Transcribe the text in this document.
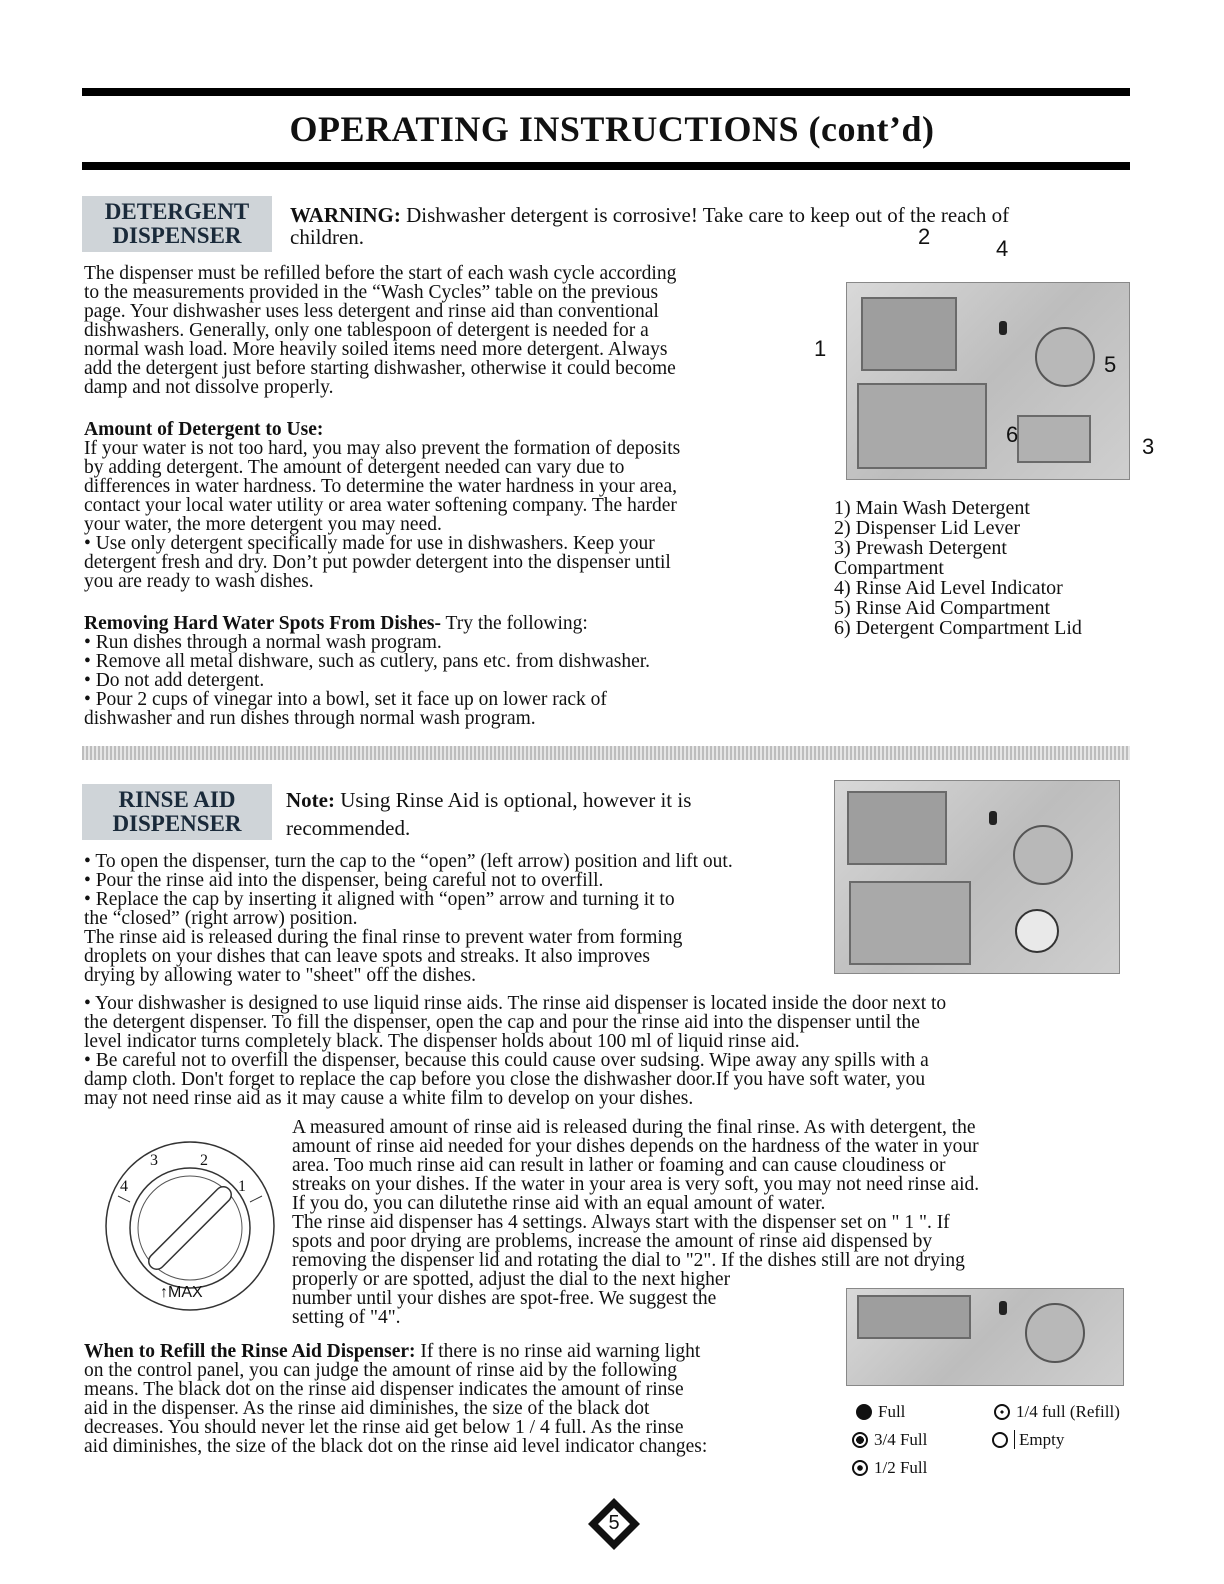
OPERATING INSTRUCTIONS (cont’d)
DETERGENT
DISPENSER
WARNING: Dishwasher detergent is corrosive! Take care to keep out of the reach of
children.
The dispenser must be refilled before the start of each wash cycle according
to the measurements provided in the “Wash Cycles” table on the previous
page. Your dishwasher uses less detergent and rinse aid than conventional
dishwashers. Generally, only one tablespoon of detergent is needed for a
normal wash load. More heavily soiled items need more detergent. Always
add the detergent just before starting dishwasher, otherwise it could become
damp and not dissolve properly.
Amount of Detergent to Use:
If your water is not too hard, you may also prevent the formation of deposits
by adding detergent. The amount of detergent needed can vary due to
differences in water hardness. To determine the water hardness in your area,
contact your local water utility or area water softening company. The harder
your water, the more detergent you may need.
• Use only detergent specifically made for use in dishwashers. Keep your
detergent fresh and dry. Don’t put powder detergent into the dispenser until
you are ready to wash dishes.
Removing Hard Water Spots From Dishes- Try the following:
• Run dishes through a normal wash program.
• Remove all metal dishware, such as cutlery, pans etc. from dishwasher.
• Do not add detergent.
• Pour 2 cups of vinegar into a bowl, set it face up on lower rack of
dishwasher and run dishes through normal wash program.
1
2	4
5
6	3
1) Main Wash Detergent
2) Dispenser Lid Lever
3) Prewash Detergent
Compartment
4) Rinse Aid Level Indicator
5) Rinse Aid Compartment
6) Detergent Compartment Lid
RINSE AID
DISPENSER
Note: Using Rinse Aid is optional, however it is
recommended.
• To open the dispenser, turn the cap to the “open” (left arrow) position and lift out.
• Pour the rinse aid into the dispenser, being careful not to overfill.
• Replace the cap by inserting it aligned with “open” arrow and turning it to
the “closed” (right arrow) position.
The rinse aid is released during the final rinse to prevent water from forming
droplets on your dishes that can leave spots and streaks. It also improves
drying by allowing water to "sheet" off the dishes.
• Your dishwasher is designed to use liquid rinse aids. The rinse aid dispenser is located inside the door next to
the detergent dispenser. To fill the dispenser, open the cap and pour the rinse aid into the dispenser until the
level indicator turns completely black. The dispenser holds about 100 ml of liquid rinse aid.
• Be careful not to overfill the dispenser, because this could cause over sudsing. Wipe away any spills with a
damp cloth. Don't forget to replace the cap before you close the dishwasher door.If you have soft water, you
may not need rinse aid as it may cause a white film to develop on your dishes.
3	2
4	1
↑MAX
A measured amount of rinse aid is released during the final rinse. As with detergent, the
amount of rinse aid needed for your dishes depends on the hardness of the water in your
area. Too much rinse aid can result in lather or foaming and can cause cloudiness or
streaks on your dishes. If the water in your area is very soft, you may not need rinse aid.
If you do, you can dilutethe rinse aid with an equal amount of water.
The rinse aid dispenser has 4 settings. Always start with the dispenser set on " 1 ". If
spots and poor drying are problems, increase the amount of rinse aid dispensed by
removing the dispenser lid and rotating the dial to "2". If the dishes still are not drying
properly or are spotted, adjust the dial to the next higher
number until your dishes are spot-free. We suggest the
setting of "4".
When to Refill the Rinse Aid Dispenser: If there is no rinse aid warning light
on the control panel, you can judge the amount of rinse aid by the following
means. The black dot on the rinse aid dispenser indicates the amount of rinse
aid in the dispenser. As the rinse aid diminishes, the size of the black dot
decreases. You should never let the rinse aid get below 1 / 4 full. As the rinse
aid diminishes, the size of the black dot on the rinse aid level indicator changes:
Full
3/4 Full
1/2 Full
1/4 full (Refill)
Empty
5
